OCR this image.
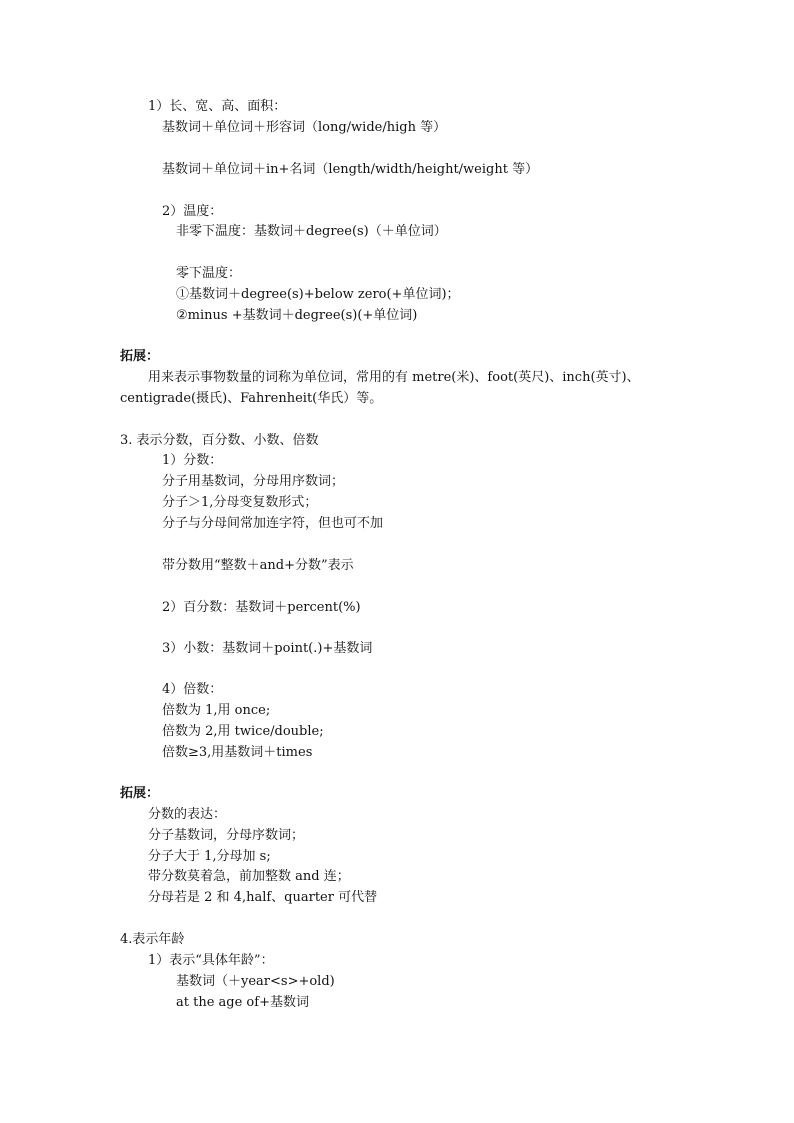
1）长、宽、高、面积：
基数词＋单位词＋形容词（long/wide/high 等）
基数词＋单位词＋in+名词（length/width/height/weight 等）
2）温度：
非零下温度：基数词＋degree(s)（＋单位词）
零下温度：
①基数词＋degree(s)+below zero(+单位词)；
②minus +基数词＋degree(s)(+单位词)
拓展：
用来表示事物数量的词称为单位词，常用的有 metre(米)、foot(英尺)、inch(英寸)、
centigrade(摄氏)、Fahrenheit(华氏）等。
3. 表示分数，百分数、小数、倍数
1）分数：
分子用基数词，分母用序数词；
分子＞1,分母变复数形式；
分子与分母间常加连字符，但也可不加
带分数用“整数＋and+分数”表示
2）百分数：基数词＋percent(%)
3）小数：基数词＋point(.)+基数词
4）倍数：
倍数为 1,用 once;
倍数为 2,用 twice/double;
倍数≥3,用基数词＋times
拓展：
分数的表达：
分子基数词，分母序数词；
分子大于 1,分母加 s;
带分数莫着急，前加整数 and 连；
分母若是 2 和 4,half、quarter 可代替
4.表示年龄
1）表示“具体年龄”：
基数词（＋year<s>+old)
at the age of+基数词
